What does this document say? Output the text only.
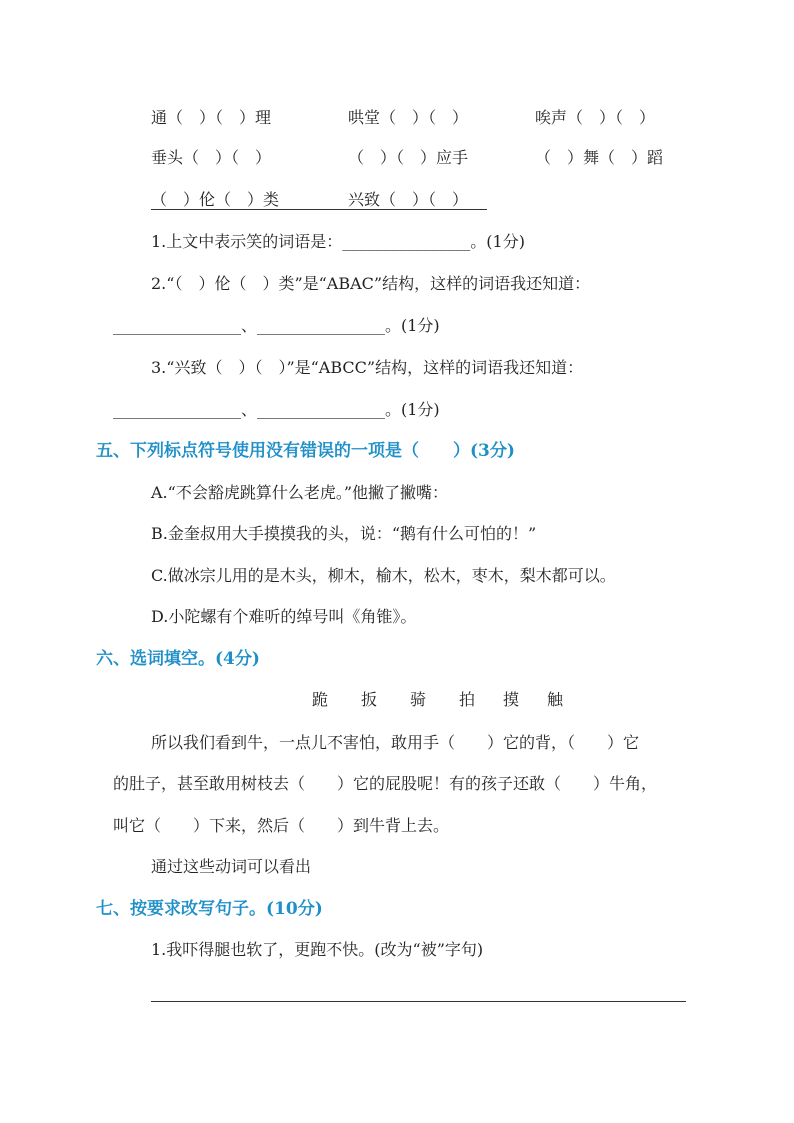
通（　）（　）理	哄堂（　）（　）	唉声（　）（　）
垂头（　）（　）	（　）（　）应手	（　）舞（　）蹈
（　）伦（　）类	兴致（　）（　）
1.上文中表示笑的词语是：________________。(1分)
2.“（　）伦（　）类”是“ABAC”结构，这样的词语我还知道：
________________、________________。(1分)
3.“兴致（　）（　）”是“ABCC”结构，这样的词语我还知道：
________________、________________。(1分)
五、下列标点符号使用没有错误的一项是（　　）(3分)
A.“不会豁虎跳算什么老虎。”他撇了撇嘴：
B.金奎叔用大手摸摸我的头，说：“鹅有什么可怕的！”
C.做冰宗儿用的是木头，柳木，榆木，松木，枣木，梨木都可以。
D.小陀螺有个难听的绰号叫《角锥》。
六、选词填空。(4分)
跪 扳 骑 拍 摸 触
所以我们看到牛，一点儿不害怕，敢用手（　　）它的背，（　　）它
的肚子，甚至敢用树枝去（　　）它的屁股呢！有的孩子还敢（　　）牛角，
叫它（　　）下来，然后（　　）到牛背上去。
通过这些动词可以看出
七、按要求改写句子。(10分)
1.我吓得腿也软了，更跑不快。(改为“被”字句)
